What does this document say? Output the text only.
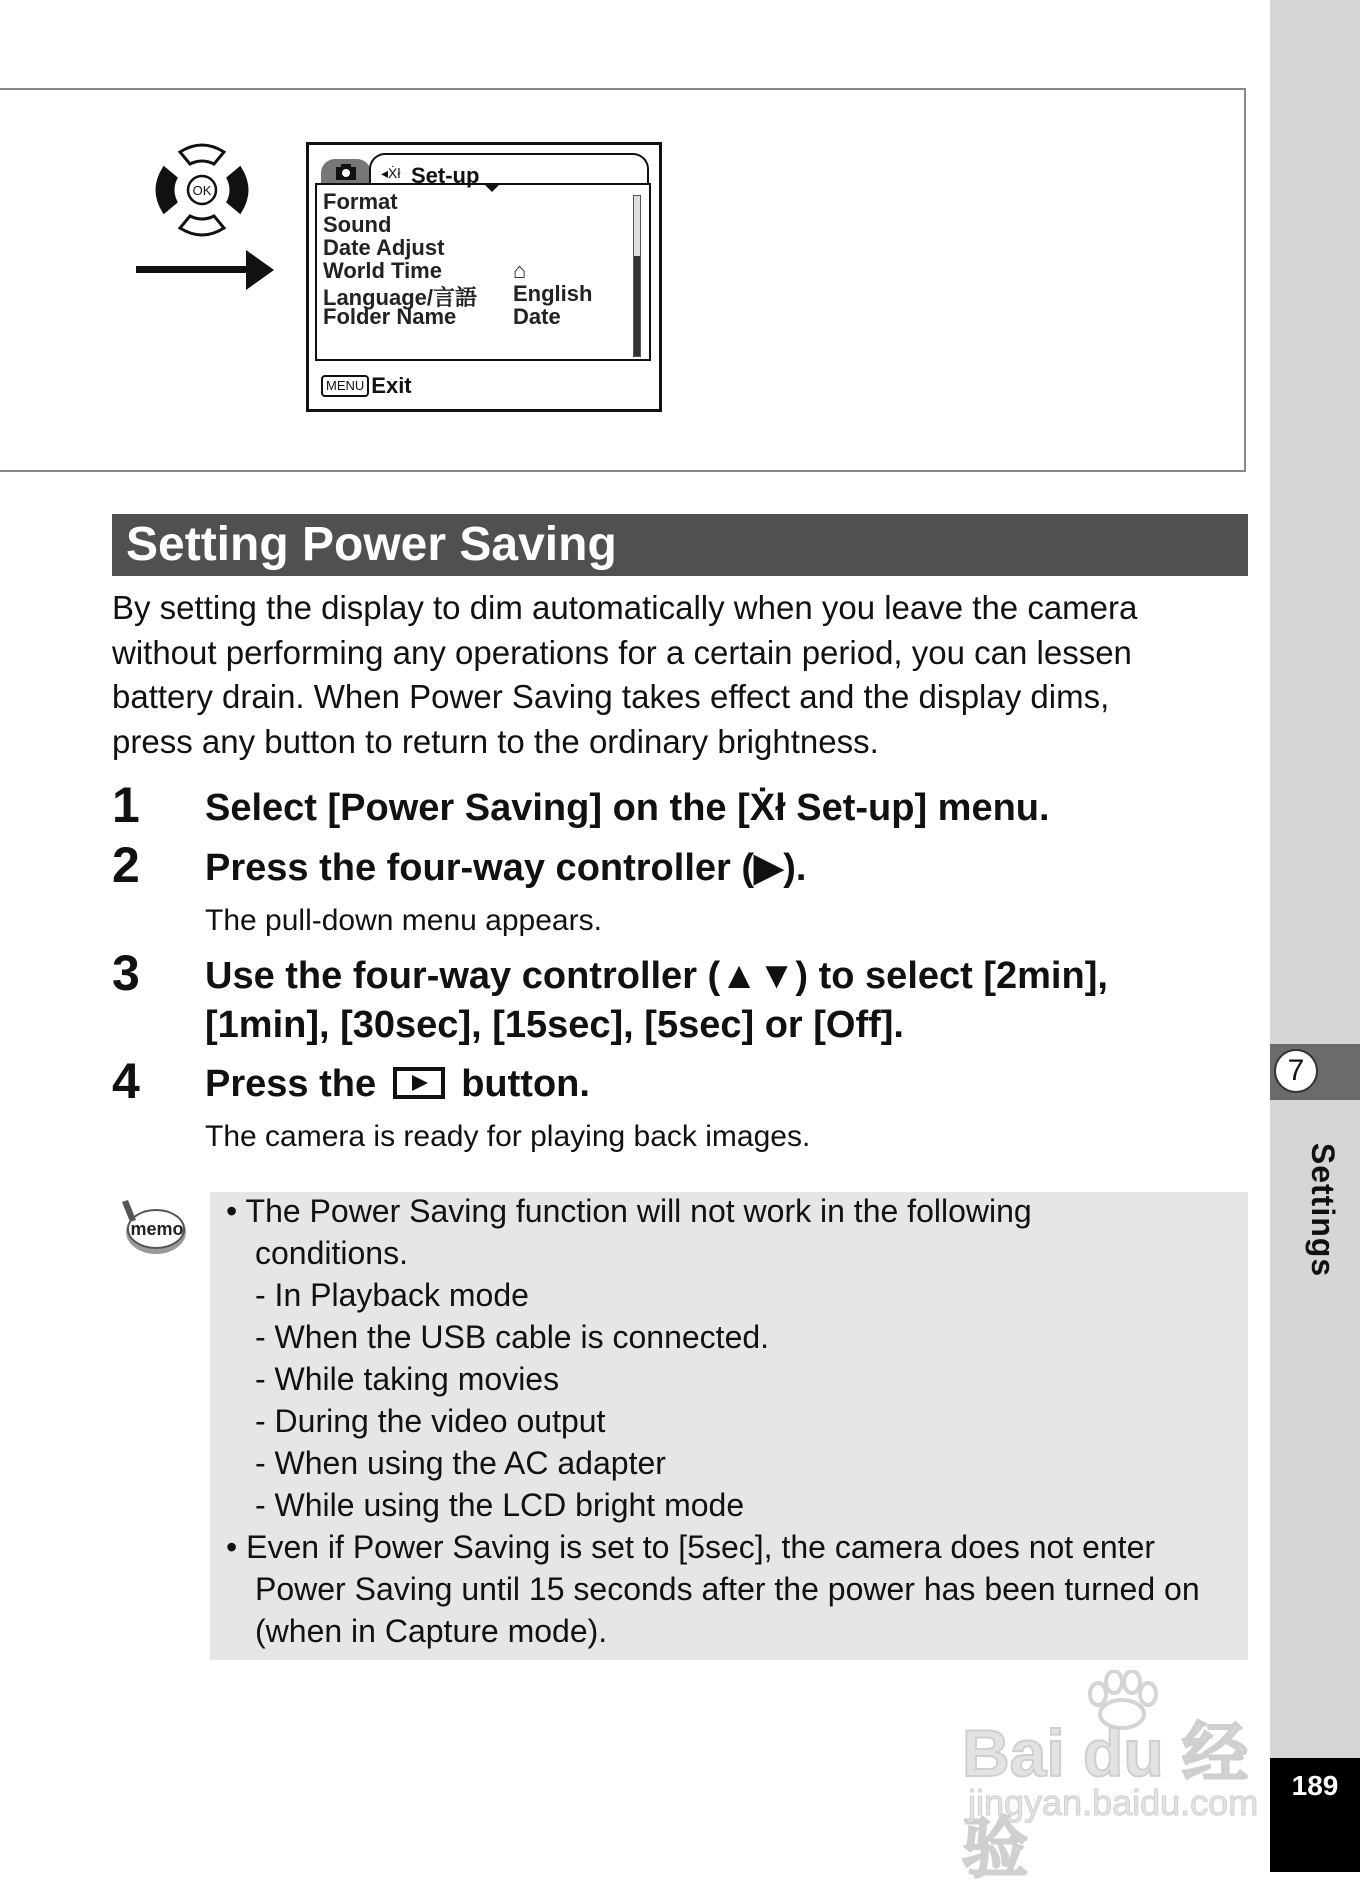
7
Settings
189
OK
◂Ẋł Set-up
Format
Sound
Date Adjust
World Time	⌂
Language/言語 English
Folder Name	Date
MENU Exit
Setting Power Saving
By setting the display to dim automatically when you leave the camera
without performing any operations for a certain period, you can lessen
battery drain. When Power Saving takes effect and the display dims,
press any button to return to the ordinary brightness.
1 Select [Power Saving] on the [Ẋł Set-up] menu.
2 Press the four-way controller (▶).
The pull-down menu appears.
3 Use the four-way controller (▲▼) to select [2min],
[1min], [30sec], [15sec], [5sec] or [Off].
4 Press the button.
The camera is ready for playing back images.
memo • The Power Saving function will not work in the following
conditions.
- In Playback mode
- When the USB cable is connected.
- While taking movies
- During the video output
- When using the AC adapter
- While using the LCD bright mode
• Even if Power Saving is set to [5sec], the camera does not enter
Power Saving until 15 seconds after the power has been turned on
(when in Capture mode).
Bai du 经验
jingyan.baidu.com
